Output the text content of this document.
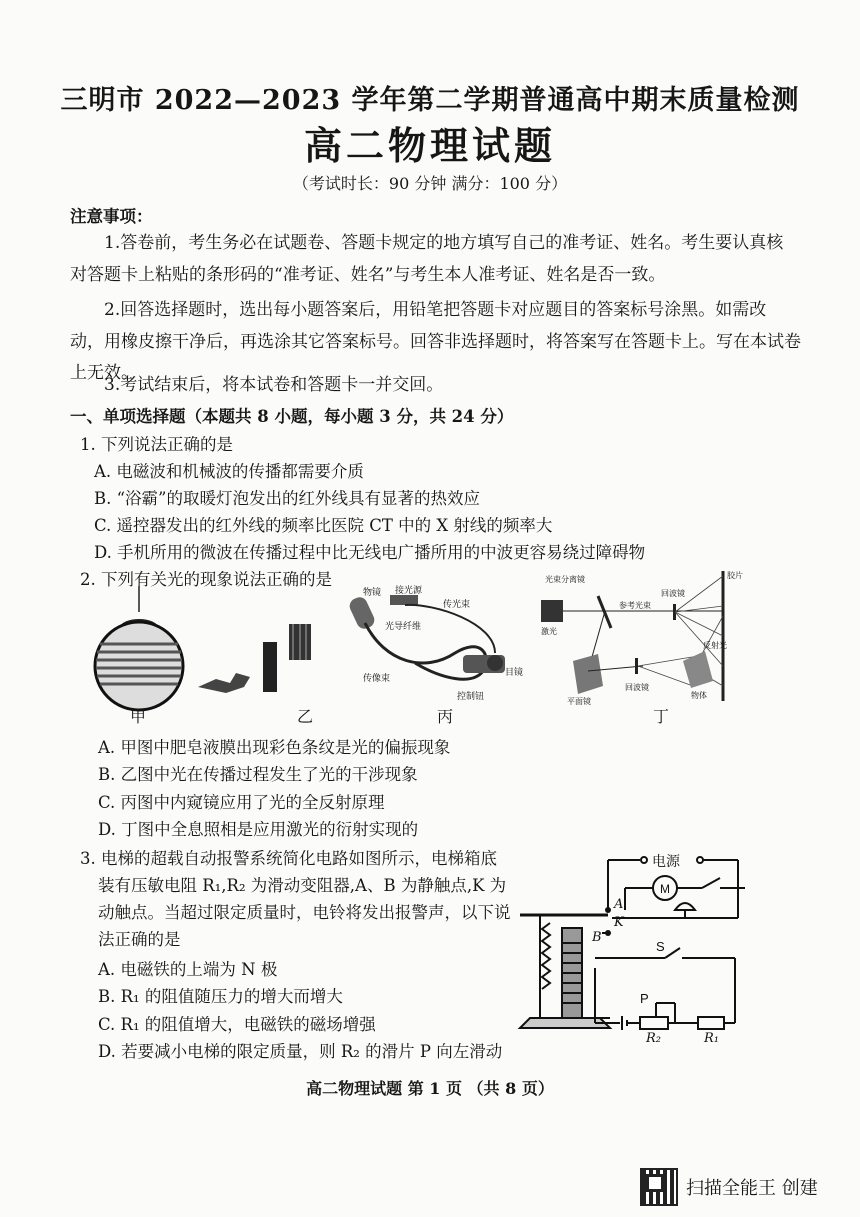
三明市 2022—2023 学年第二学期普通高中期末质量检测
高二物理试题
（考试时长：90 分钟 满分：100 分）
注意事项：
1.答卷前，考生务必在试题卷、答题卡规定的地方填写自己的准考证、姓名。考生要认真核
对答题卡上粘贴的条形码的“准考证、姓名”与考生本人准考证、姓名是否一致。
2.回答选择题时，选出每小题答案后，用铅笔把答题卡对应题目的答案标号涂黑。如需改
动，用橡皮擦干净后，再选涂其它答案标号。回答非选择题时，将答案写在答题卡上。写在本试卷
上无效。
3.考试结束后，将本试卷和答题卡一并交回。
一、单项选择题（本题共 8 小题，每小题 3 分，共 24 分）
1. 下列说法正确的是
A. 电磁波和机械波的传播都需要介质
B. “浴霸”的取暖灯泡发出的红外线具有显著的热效应
C. 遥控器发出的红外线的频率比医院 CT 中的 X 射线的频率大
D. 手机所用的微波在传播过程中比无线电广播所用的中波更容易绕过障碍物
2. 下列有关光的现象说法正确的是
物镜 接光源
传光束
光导纤维
传像束
目镜
控制钮
光束分离镜
回波镜
激光
参考光束
平面镜
回波镜
反射光
物体
胶片
甲	乙	丙	丁
A. 甲图中肥皂液膜出现彩色条纹是光的偏振现象
B. 乙图中光在传播过程发生了光的干涉现象
C. 丙图中内窥镜应用了光的全反射原理
D. 丁图中全息照相是应用激光的衍射实现的
3. 电梯的超载自动报警系统简化电路如图所示，电梯箱底
装有压敏电阻 R₁,R₂ 为滑动变阻器,A、B 为静触点,K 为
动触点。当超过限定质量时，电铃将发出报警声，以下说
法正确的是
A. 电磁铁的上端为 N 极
B. R₁ 的阻值随压力的增大而增大
C. R₁ 的阻值增大，电磁铁的磁场增强
D. 若要减小电梯的限定质量，则 R₂ 的滑片 P 向左滑动
电源
M
A
K
B
S
P
R₂	R₁
高二物理试题 第 1 页 （共 8 页）
扫描全能王 创建
